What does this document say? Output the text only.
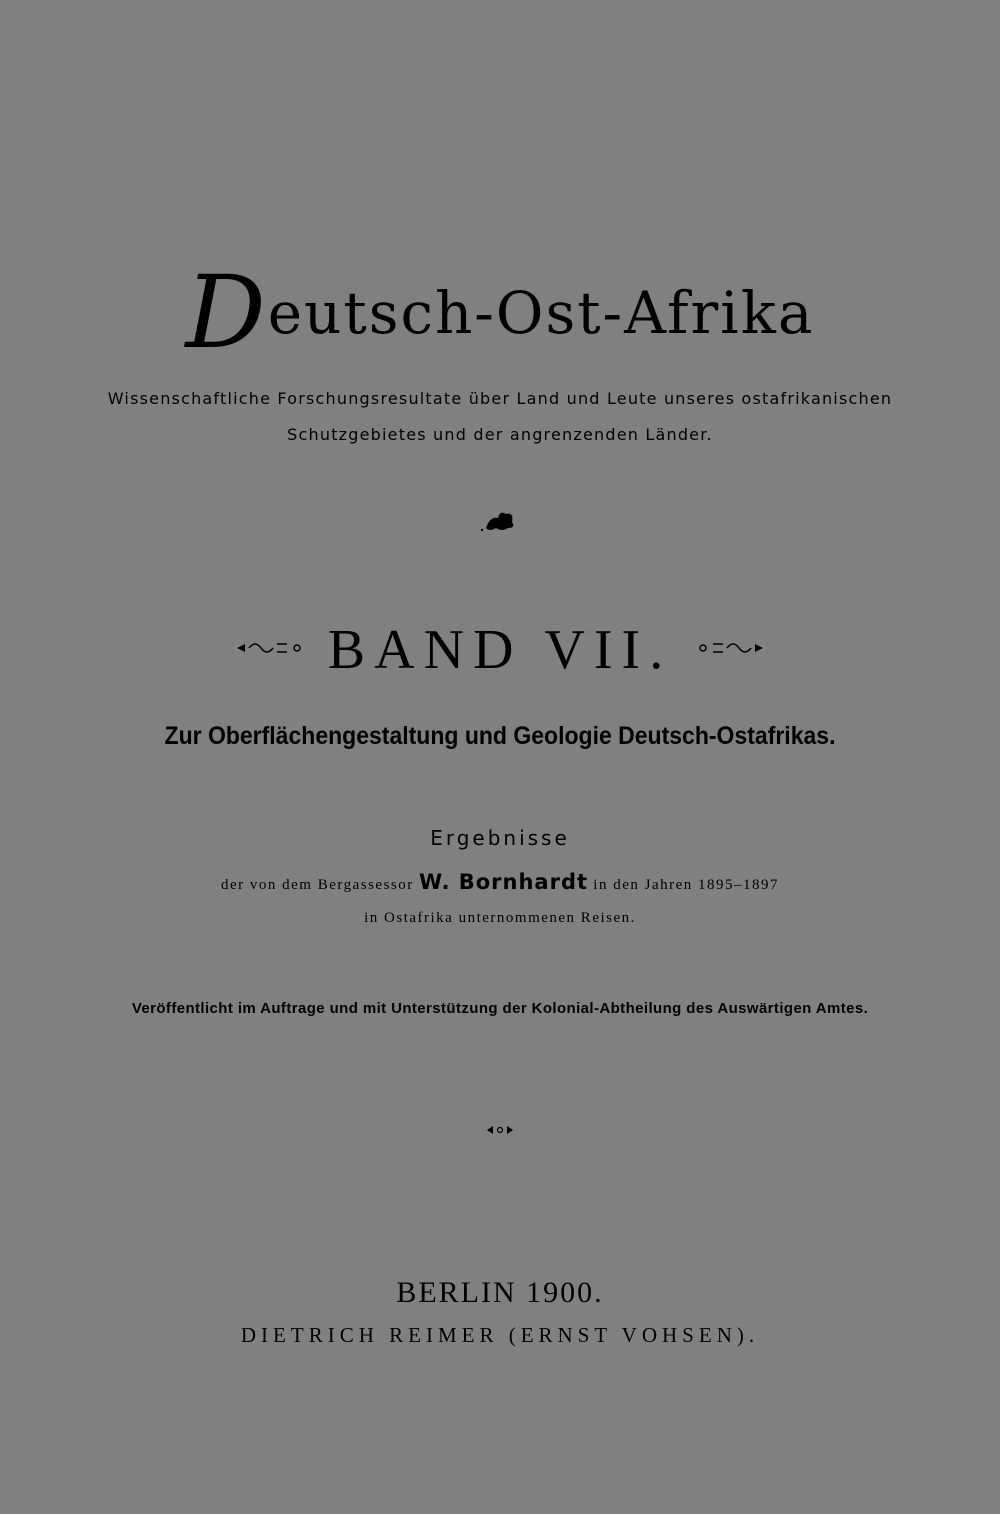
Deutsch-Ost-Afrika
Wissenschaftliche Forschungsresultate über Land und Leute unseres ostafrikanischen
Schutzgebietes und der angrenzenden Länder.
BAND VII.
Zur Oberflächengestaltung und Geologie Deutsch-Ostafrikas.
Ergebnisse
der von dem Bergassessor W. Bornhardt in den Jahren 1895–1897
in Ostafrika unternommenen Reisen.
Veröffentlicht im Auftrage und mit Unterstützung der Kolonial-Abtheilung des Auswärtigen Amtes.
BERLIN 1900.
DIETRICH REIMER (ERNST VOHSEN).
